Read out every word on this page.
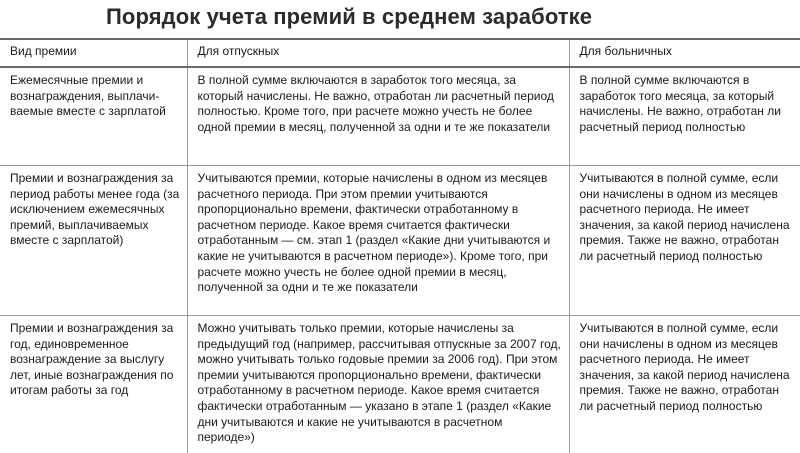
Порядок учета премий в среднем заработке
Вид премии	Для отпускных	Для больничных
Ежемесячные премии и вознаграждения, выплачиваемые вместе с зарплатой	В полной сумме включаются в заработок того месяца, за который начислены. Не важно, отработан ли расчетный период полностью. Кроме того, при расчете можно учесть не более одной премии в месяц, полученной за одни и те же показатели	В полной сумме включаются в заработок того месяца, за который начислены. Не важно, отработан ли расчетный период полностью
Премии и вознаграждения за период работы менее года (за исключением ежемесячных премий, выплачиваемых вместе с зарплатой)	Учитываются премии, которые начислены в одном из месяцев расчетного периода. При этом премии учитываются пропорционально времени, фактически отработанному в расчетном периоде. Какое время считается фактически отработанным — см. этап 1 (раздел «Какие дни учитываются и какие не учитываются в расчетном периоде»). Кроме того, при расчете можно учесть не более одной премии в месяц, полученной за одни и те же показатели	Учитываются в полной сумме, если они начислены в одном из месяцев расчетного периода. Не имеет значения, за какой период начислена премия. Также не важно, отработан ли расчетный период полностью
Премии и вознаграждения за год, единовременное вознаграждение за выслугу лет, иные вознаграждения по итогам работы за год	Можно учитывать только премии, которые начислены за предыдущий год (например, рассчитывая отпускные за 2007 год, можно учитывать только годовые премии за 2006 год). При этом премии учитываются пропорционально времени, фактически отработанному в расчетном периоде. Какое время считается фактически отработанным — указано в этапе 1 (раздел «Какие дни учитываются и какие не учитываются в расчетном периоде»)	Учитываются в полной сумме, если они начислены в одном из месяцев расчетного периода. Не имеет значения, за какой период начислена премия. Также не важно, отработан ли расчетный период полностью
